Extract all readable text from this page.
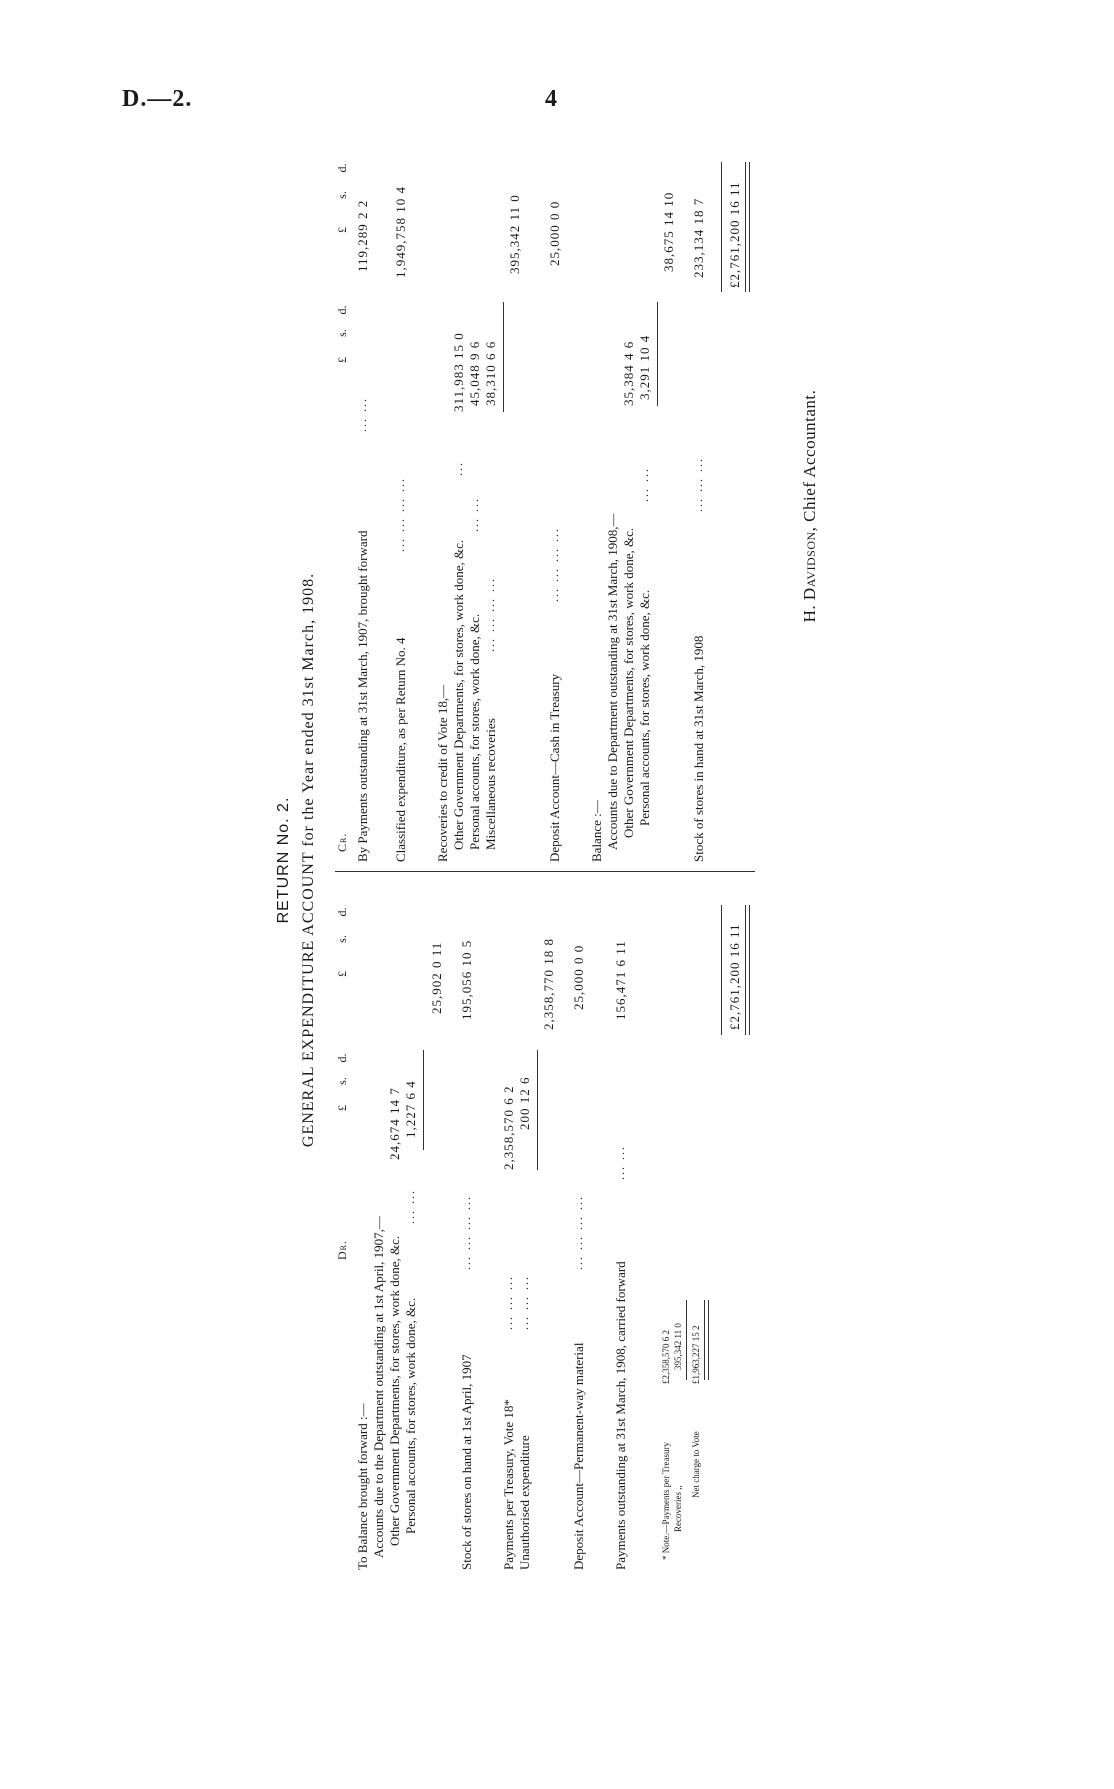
D.—2.	4
RETURN No. 2. GENERAL EXPENDITURE ACCOUNT for the Year ended 31st March, 1908.
Dr.
£
s.
d.
£
s.
d.
To Balance brought forward :— Accounts due to the Department outstanding at 1st April, 1907,— Other Government Departments, for stores, work done, &c.
24,674 14 7
Personal accounts, for stores, work done, &c.
... ...
1,227 6 4
25,902 0 11
Stock of stores on hand at 1st April, 1907
... ... ... ...
195,056 10 5
Payments per Treasury, Vote 18*
... ... ...
2,358,570 6 2
Unauthorised expenditure
... ... ...
200 12 6
2,358,770 18 8
Deposit Account—Permanent-way material
... ... ... ...
25,000 0 0
Payments outstanding at 31st March, 1908, carried forward
... ...
156,471 6 11
* Note.—Payments per Treasury
£2,358,570 6 2
Recoveries ,,
395,342 11 0
Net charge to Vote
£1,963,227 15 2
£2,761,200 16 11
Cr.
£
s.
d.
£
s.
d.
By Payments outstanding at 31st March, 1907, brought forward
... ...
119,289 2 2
Classified expenditure, as per Return No. 4
... ... ... ...
1,949,758 10 4
Recoveries to credit of Vote 18,— Other Government Departments, for stores, work done, &c.
...
311,983 15 0
Personal accounts, for stores, work done, &c.
... ...
45,048 9 6
Miscellaneous recoveries
... ... ... ...
38,310 6 6
395,342 11 0
Deposit Account—Cash in Treasury
... ... ... ...
25,000 0 0
Balance :— Accounts due to Department outstanding at 31st March, 1908,— Other Government Departments, for stores, work done, &c.
35,384 4 6
Personal accounts, for stores, work done, &c.
... ...
3,291 10 4
38,675 14 10
Stock of stores in hand at 31st March, 1908
... ... ...
233,134 18 7 £2,761,200 16 11
H. Davidson, Chief Accountant.
